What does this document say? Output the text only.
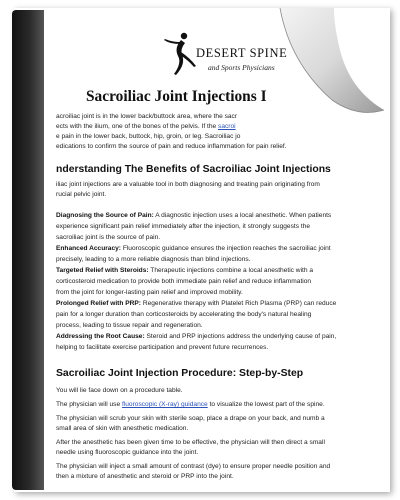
DESERT SPINE
and Sports Physicians
Sacroiliac Joint Injections I
acroiliac joint is in the lower back/buttock area, where the sacr
ects with the ilium, one of the bones of the pelvis. If the sacroi
e pain in the lower back, buttock, hip, groin, or leg. Sacroiliac jo
edications to confirm the source of pain and reduce inflammation for pain relief.
nderstanding The Benefits of Sacroiliac Joint Injections
iliac joint injections are a valuable tool in both diagnosing and treating pain originating from
rucial pelvic joint.
Diagnosing the Source of Pain: A diagnostic injection uses a local anesthetic. When patients
experience significant pain relief immediately after the injection, it strongly suggests the
sacroiliac joint is the source of pain.
Enhanced Accuracy: Fluoroscopic guidance ensures the injection reaches the sacroiliac joint
precisely, leading to a more reliable diagnosis than blind injections.
Targeted Relief with Steroids: Therapeutic injections combine a local anesthetic with a
corticosteroid medication to provide both immediate pain relief and reduce inflammation
from the joint for longer-lasting pain relief and improved mobility.
Prolonged Relief with PRP: Regenerative therapy with Platelet Rich Plasma (PRP) can reduce
pain for a longer duration than corticosteroids by accelerating the body's natural healing
process, leading to tissue repair and regeneration.
Addressing the Root Cause: Steroid and PRP injections address the underlying cause of pain,
helping to facilitate exercise participation and prevent future recurrences.
Sacroiliac Joint Injection Procedure: Step-by-Step
You will lie face down on a procedure table.
The physician will use fluoroscopic (X-ray) guidance to visualize the lowest part of the spine.
The physician will scrub your skin with sterile soap, place a drape on your back, and numb a
small area of skin with anesthetic medication.
After the anesthetic has been given time to be effective, the physician will then direct a small
needle using fluoroscopic guidance into the joint.
The physician will inject a small amount of contrast (dye) to ensure proper needle position and
then a mixture of anesthetic and steroid or PRP into the joint.
